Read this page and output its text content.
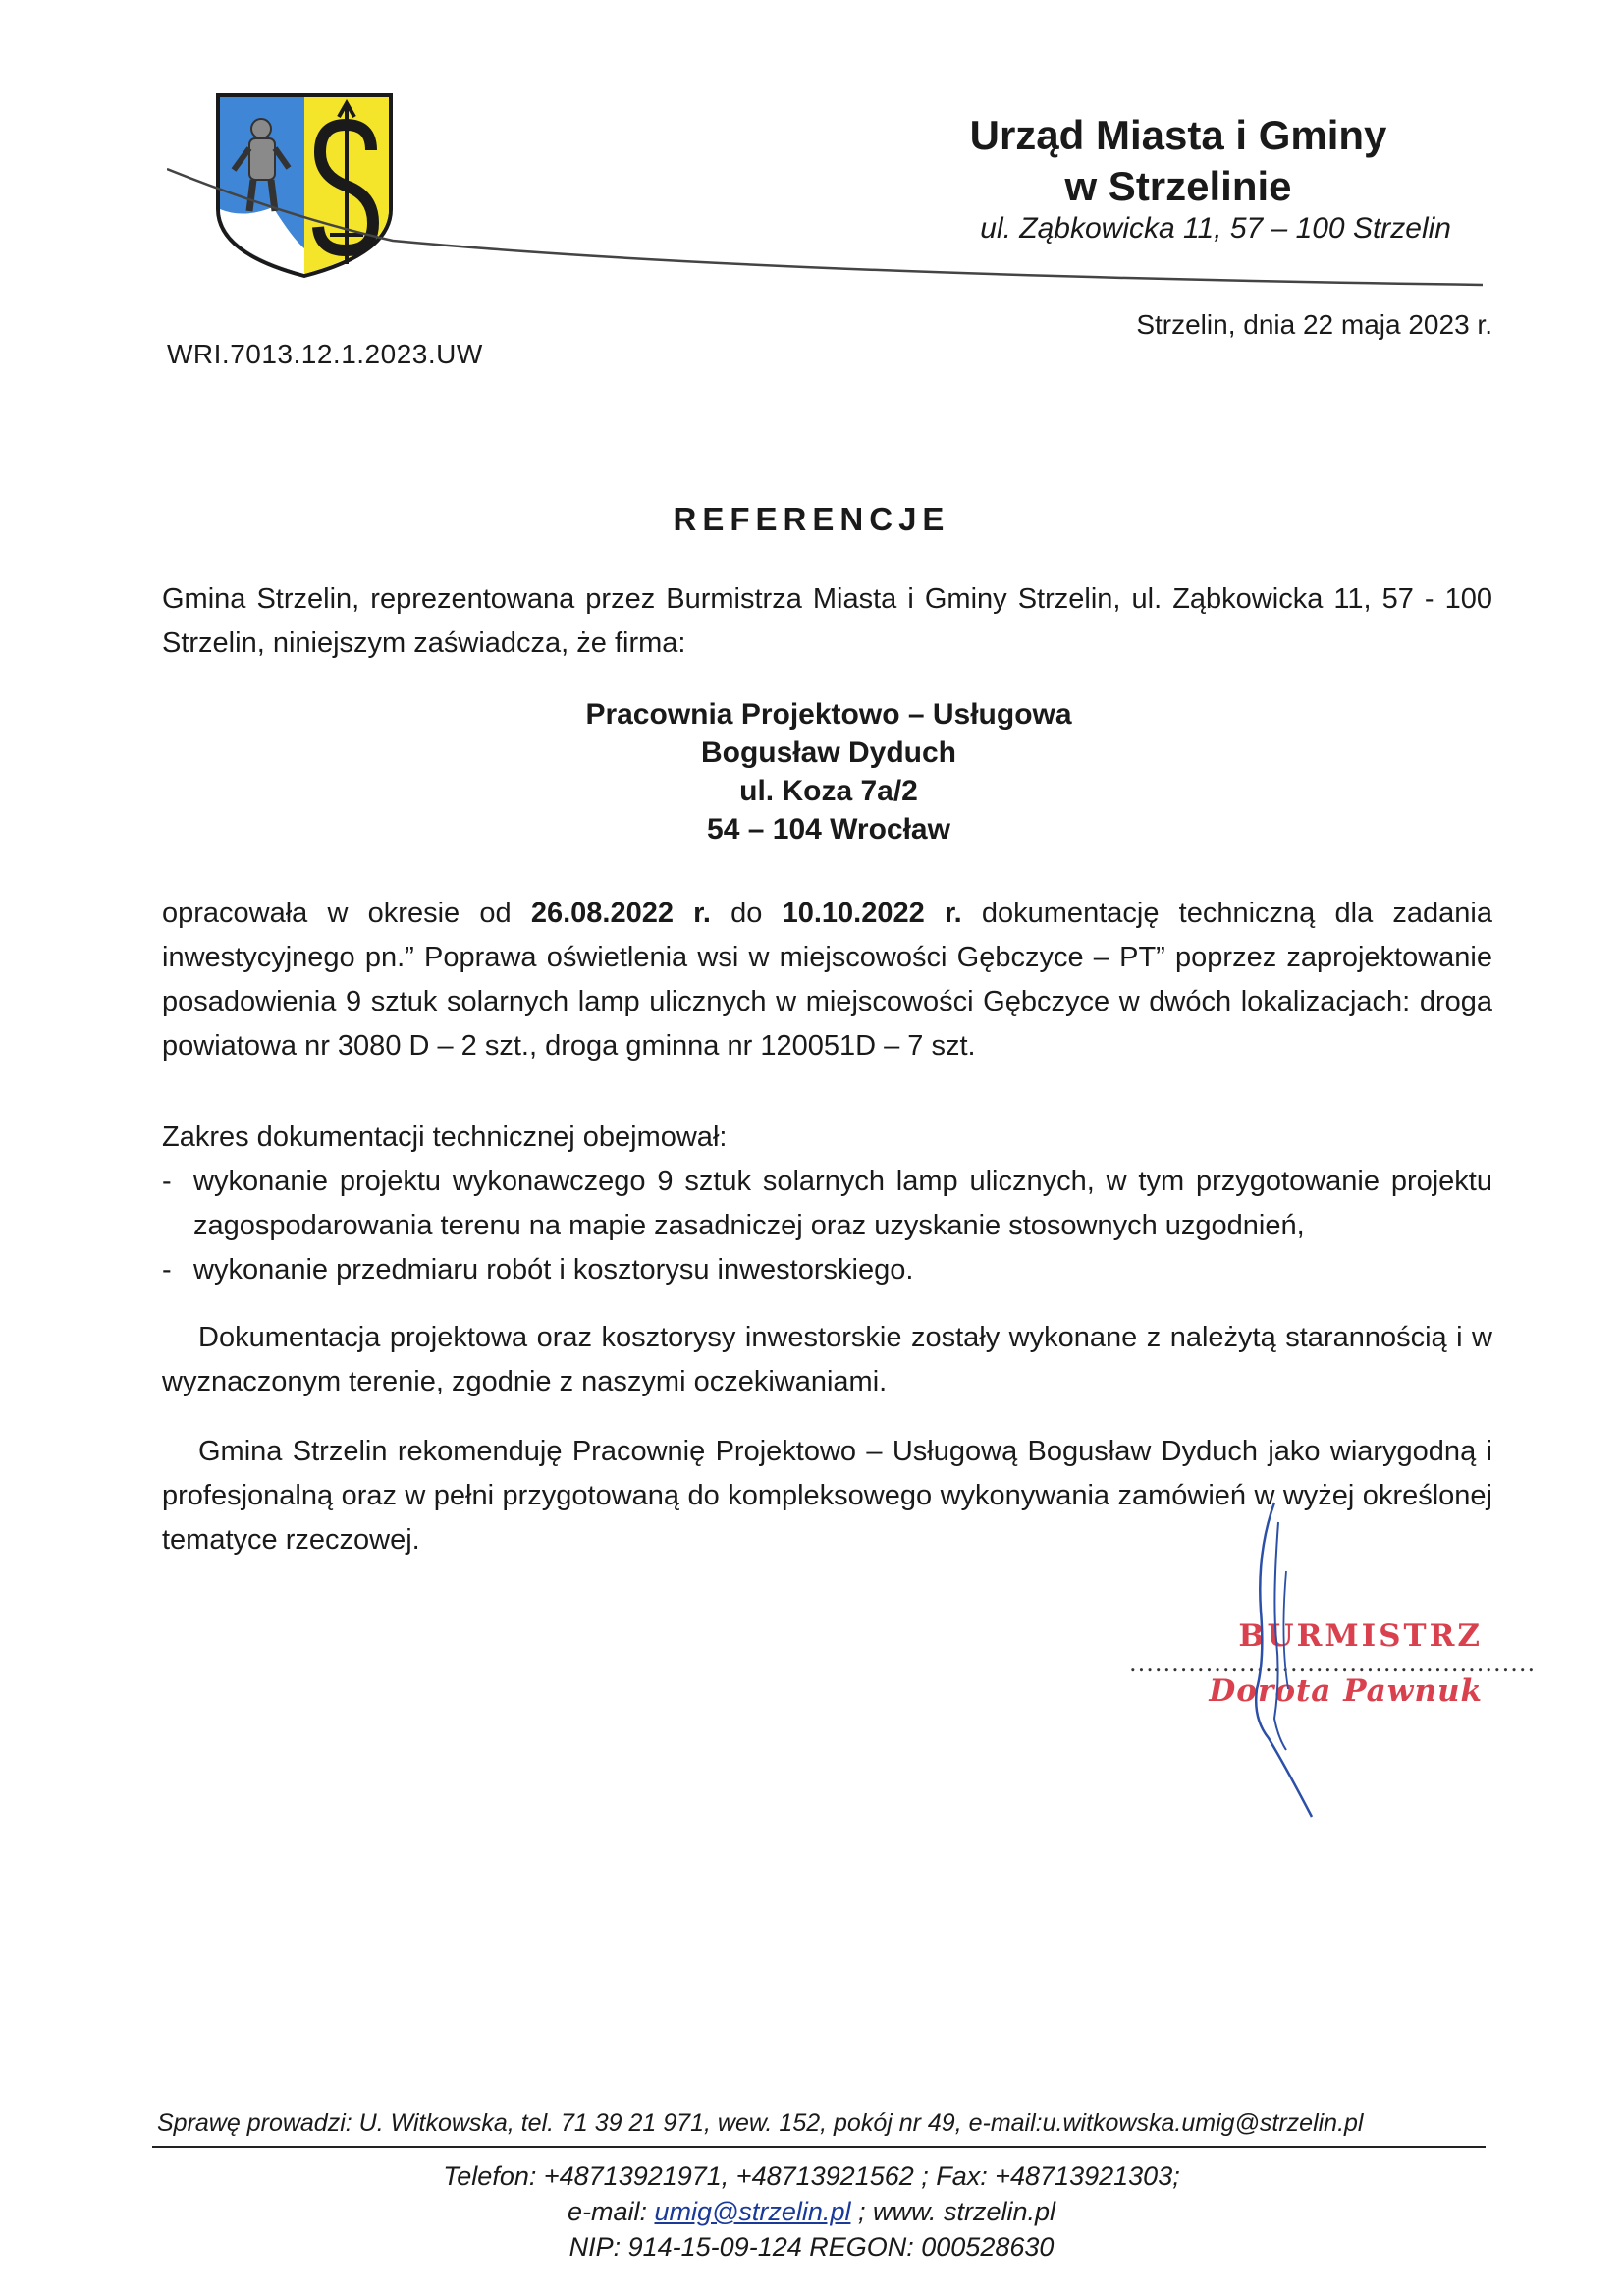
Urząd Miasta i Gminy
w Strzelinie
ul. Ząbkowicka 11, 57 – 100 Strzelin
WRI.7013.12.1.2023.UW
Strzelin, dnia 22 maja 2023 r.
REFERENCJE

Gmina Strzelin, reprezentowana przez Burmistrza Miasta i Gminy Strzelin, ul. Ząbkowicka 11, 57 - 100 Strzelin, niniejszym zaświadcza, że firma:

Pracownia Projektowo – Usługowa
Bogusław Dyduch
ul. Koza 7a/2
54 – 104 Wrocław

opracowała w okresie od 26.08.2022 r. do 10.10.2022 r. dokumentację techniczną dla zadania inwestycyjnego pn.” Poprawa oświetlenia wsi w miejscowości Gębczyce – PT” poprzez zaprojektowanie posadowienia 9 sztuk solarnych lamp ulicznych w miejscowości Gębczyce w dwóch lokalizacjach: droga powiatowa nr 3080 D – 2 szt., droga gminna nr 120051D – 7 szt.

Zakres dokumentacji technicznej obejmował:
- wykonanie projektu wykonawczego 9 sztuk solarnych lamp ulicznych, w tym przygotowanie projektu zagospodarowania terenu na mapie zasadniczej oraz uzyskanie stosownych uzgodnień,
- wykonanie przedmiaru robót i kosztorysu inwestorskiego.

Dokumentacja projektowa oraz kosztorysy inwestorskie zostały wykonane z należytą starannością i w wyznaczonym terenie, zgodnie z naszymi oczekiwaniami.

Gmina Strzelin rekomenduję Pracownię Projektowo – Usługową Bogusław Dyduch jako wiarygodną i profesjonalną oraz w pełni przygotowaną do kompleksowego wykonywania zamówień w wyżej określonej tematyce rzeczowej.

BURMISTRZ
................................................
Dorota Pawnuk
Sprawę prowadzi: U. Witkowska, tel. 71 39 21 971, wew. 152, pokój nr 49, e-mail:u.witkowska.umig@strzelin.pl
Telefon: +48713921971, +48713921562 ; Fax: +48713921303;
e-mail: umig@strzelin.pl ; www. strzelin.pl
NIP: 914-15-09-124 REGON: 000528630
